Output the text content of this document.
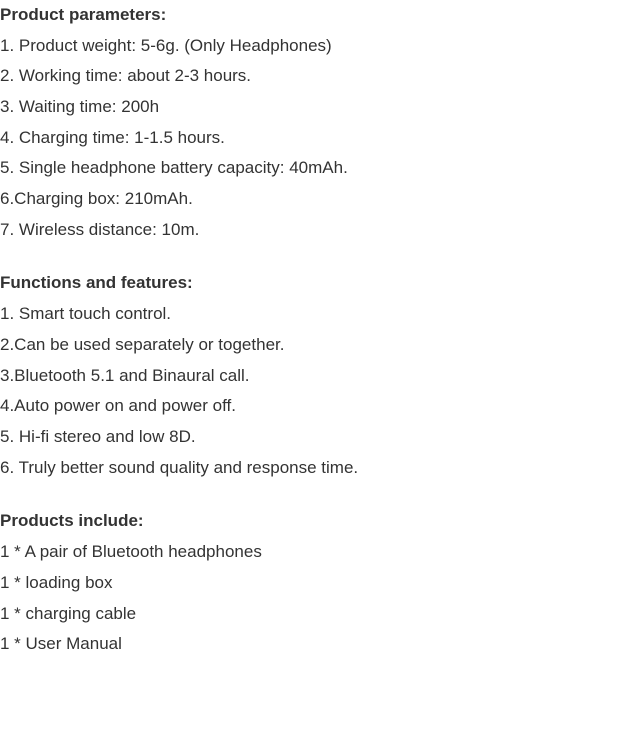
Product parameters:
1. Product weight: 5-6g. (Only Headphones)
2. Working time: about 2-3 hours.
3. Waiting time: 200h
4. Charging time: 1-1.5 hours.
5. Single headphone battery capacity: 40mAh.
6.Charging box: 210mAh.
7. Wireless distance: 10m.
Functions and features:
1. Smart touch control.
2.Can be used separately or together.
3.Bluetooth 5.1 and Binaural call.
4.Auto power on and power off.
5. Hi-fi stereo and low 8D.
6. Truly better sound quality and response time.
Products include:
1 * A pair of Bluetooth headphones
1 * loading box
1 * charging cable
1 * User Manual
